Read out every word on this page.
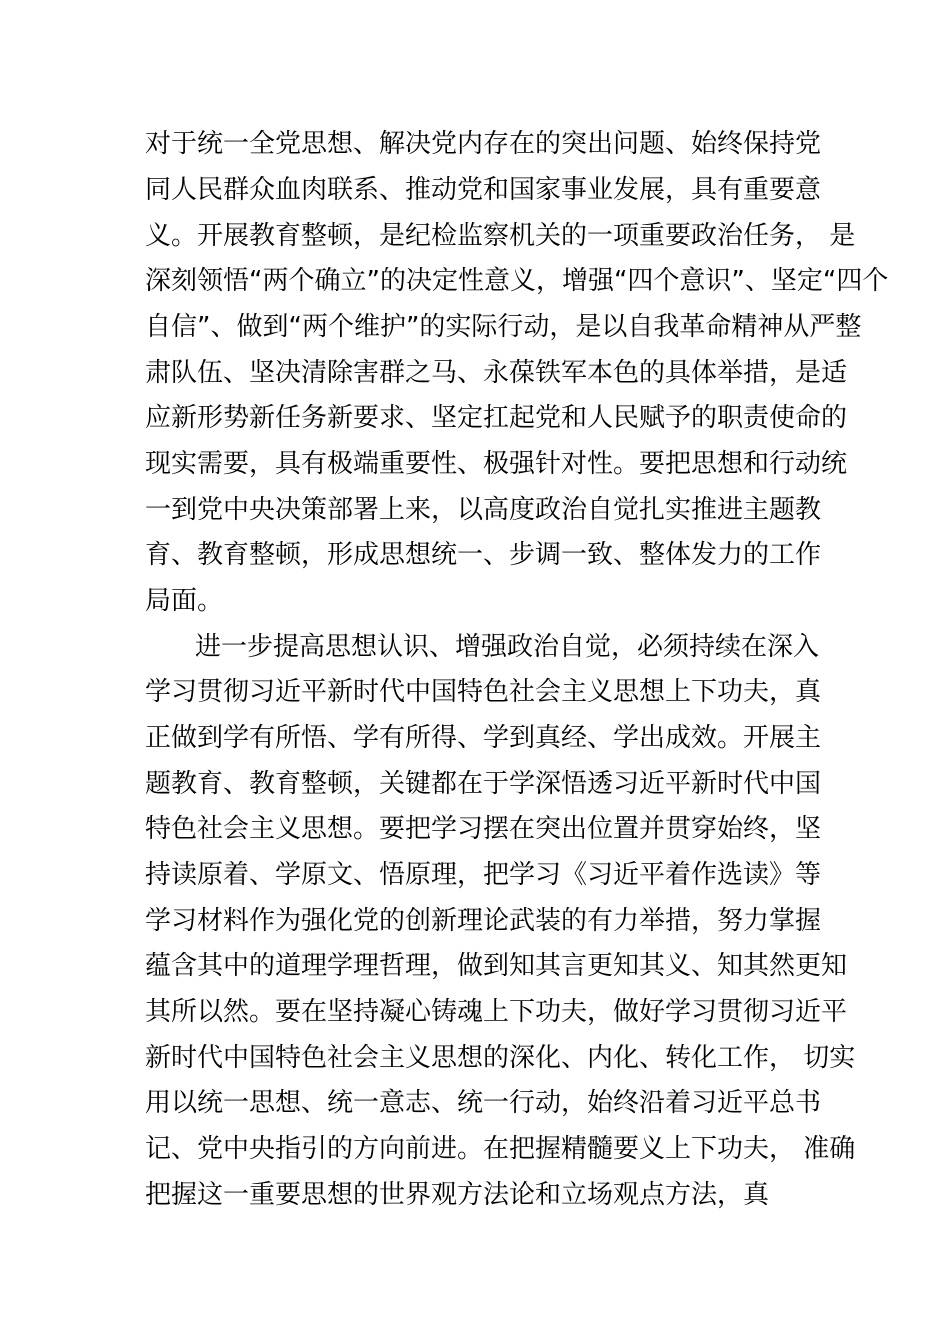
对于统一全党思想、解决党内存在的突出问题、始终保持党
同人民群众血肉联系、推动党和国家事业发展，具有重要意
义。开展教育整顿，是纪检监察机关的一项重要政治任务， 是
深刻领悟“两个确立”的决定性意义，增强“四个意识”、坚定“四个
自信”、做到“两个维护”的实际行动，是以自我革命精神从严整
肃队伍、坚决清除害群之马、永葆铁军本色的具体举措，是适
应新形势新任务新要求、坚定扛起党和人民赋予的职责使命的
现实需要，具有极端重要性、极强针对性。要把思想和行动统
一到党中央决策部署上来，以高度政治自觉扎实推进主题教
育、教育整顿，形成思想统一、步调一致、整体发力的工作
局面。
进一步提高思想认识、增强政治自觉，必须持续在深入
学习贯彻习近平新时代中国特色社会主义思想上下功夫，真
正做到学有所悟、学有所得、学到真经、学出成效。开展主
题教育、教育整顿，关键都在于学深悟透习近平新时代中国
特色社会主义思想。要把学习摆在突出位置并贯穿始终，坚
持读原着、学原文、悟原理，把学习《习近平着作选读》等
学习材料作为强化党的创新理论武装的有力举措，努力掌握
蕴含其中的道理学理哲理，做到知其言更知其义、知其然更知
其所以然。要在坚持凝心铸魂上下功夫，做好学习贯彻习近平
新时代中国特色社会主义思想的深化、内化、转化工作， 切实
用以统一思想、统一意志、统一行动，始终沿着习近平总书
记、党中央指引的方向前进。在把握精髓要义上下功夫， 准确
把握这一重要思想的世界观方法论和立场观点方法，真
